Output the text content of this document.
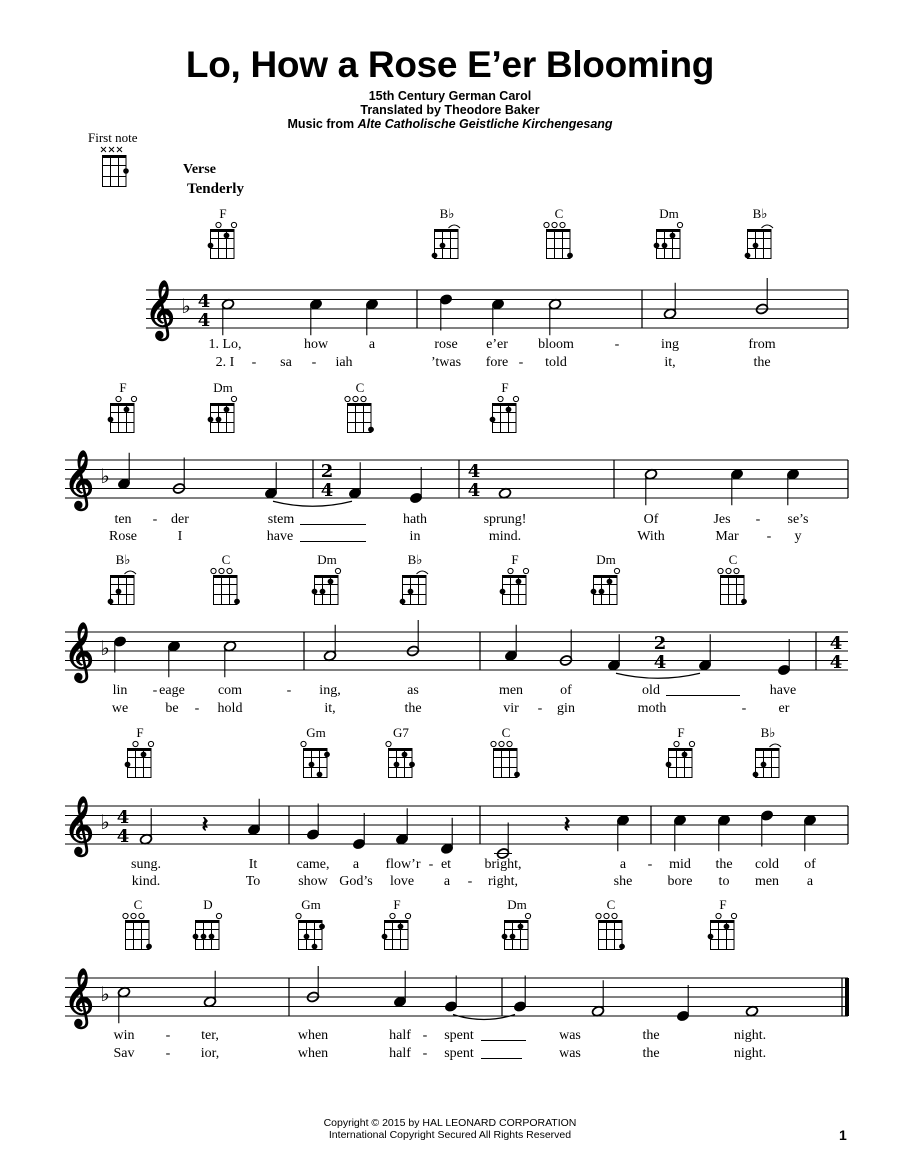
Lo, How a Rose E’er Blooming
15th Century German Carol
Translated by Theodore Baker
Music from Alte Catholische Geistliche Kirchengesang
First note
Verse
Tenderly
F	B♭	C	Dm	B♭
F	Dm	C	F
B♭	C	Dm	B♭	F	Dm	C
F	Gm	G7	C	F	B♭
C	D	Gm	F	Dm	C	F
𝄞 ♭ 4
4
𝄞 ♭
𝄞 ♭
𝄞 ♭ 4
4
𝄞 ♭
2
4
4
4
2
4
4
4
𝄽	𝄽
1. Lo,	how	a	rose e’er bloom	-	ing	from
2. I - sa - iah	’twas fore - told	it,	the
ten - der	stem	hath	sprung!	Of	Jes - se’s
Rose	I	have	in	mind.	With	Mar - y
lin - eage com	- ing,	as	men	of	old	have
we	be - hold	it,	the	vir - gin	moth	- er
sung.	It	came, a flow’r - et bright,	a - mid the cold of
kind.	To	show God’s love a - right,	she	bore to men a
win - ter,	when	half - spent	was	the	night.
Sav - ior,	when	half - spent	was	the	night.
Copyright © 2015 by HAL LEONARD CORPORATION
International Copyright Secured All Rights Reserved	1
